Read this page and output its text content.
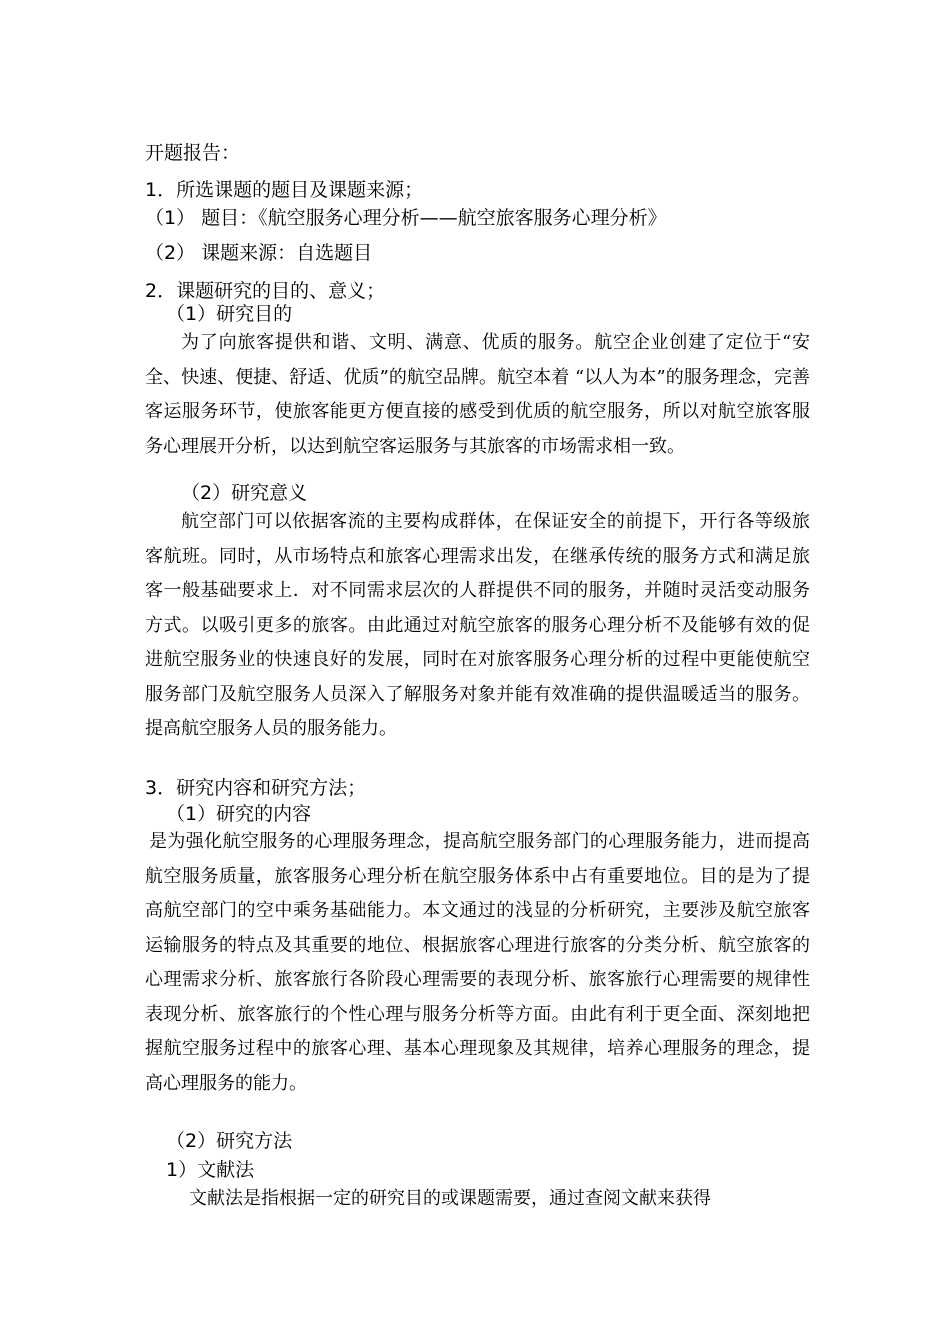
开题报告：
1．所选课题的题目及课题来源；
（1） 题目：《航空服务心理分析——航空旅客服务心理分析》
（2） 课题来源：自选题目
2．课题研究的目的、意义；
（1）研究目的
为了向旅客提供和谐、文明、满意、优质的服务。航空企业创建了定位于“安全、快速、便捷、舒适、优质”的航空品牌。航空本着 “以人为本”的服务理念，完善客运服务环节，使旅客能更方便直接的感受到优质的航空服务，所以对航空旅客服务心理展开分析，以达到航空客运服务与其旅客的市场需求相一致。
（2）研究意义
航空部门可以依据客流的主要构成群体，在保证安全的前提下，开行各等级旅客航班。同时，从市场特点和旅客心理需求出发，在继承传统的服务方式和满足旅客一般基础要求上．对不同需求层次的人群提供不同的服务，并随时灵活变动服务方式。以吸引更多的旅客。由此通过对航空旅客的服务心理分析不及能够有效的促进航空服务业的快速良好的发展，同时在对旅客服务心理分析的过程中更能使航空服务部门及航空服务人员深入了解服务对象并能有效准确的提供温暖适当的服务。提高航空服务人员的服务能力。
3．研究内容和研究方法；
（1）研究的内容
是为强化航空服务的心理服务理念，提高航空服务部门的心理服务能力，进而提高航空服务质量，旅客服务心理分析在航空服务体系中占有重要地位。目的是为了提高航空部门的空中乘务基础能力。本文通过的浅显的分析研究，主要涉及航空旅客运输服务的特点及其重要的地位、根据旅客心理进行旅客的分类分析、航空旅客的心理需求分析、旅客旅行各阶段心理需要的表现分析、旅客旅行心理需要的规律性表现分析、旅客旅行的个性心理与服务分析等方面。由此有利于更全面、深刻地把握航空服务过程中的旅客心理、基本心理现象及其规律，培养心理服务的理念，提高心理服务的能力。
（2）研究方法
1）文献法
文献法是指根据一定的研究目的或课题需要，通过查阅文献来获得
